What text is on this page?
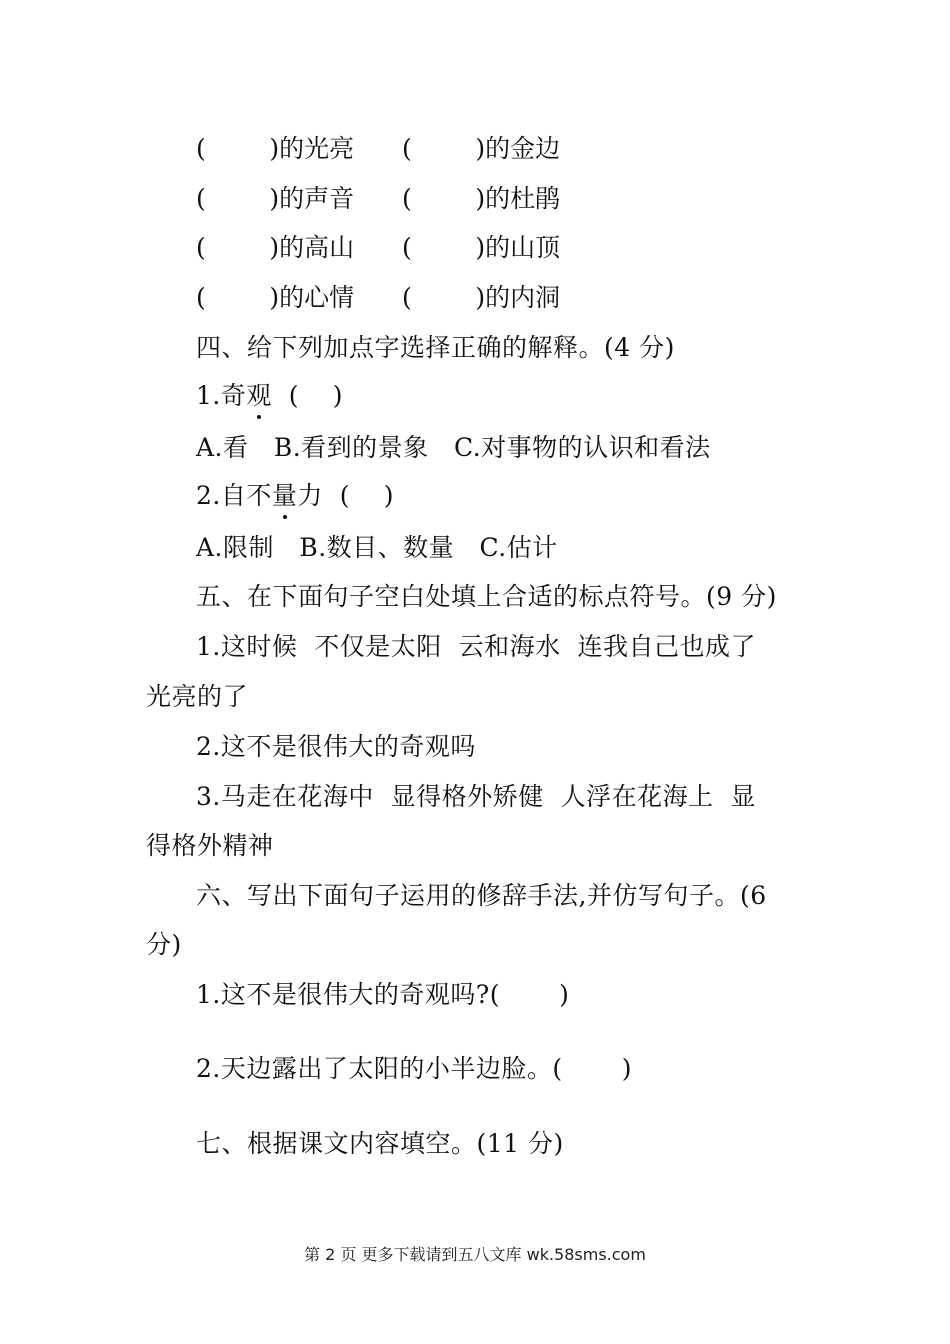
(        )的光亮 (        )的金边
(        )的声音 (        )的杜鹃
(        )的高山 (        )的山顶
(        )的心情 (        )的内洞
四、给下列加点字选择正确的解释。(4 分)
1.奇观  (    )
A.看   B.看到的景象   C.对事物的认识和看法
2.自不量力  (    )
A.限制   B.数目、数量   C.估计
五、在下面句子空白处填上合适的标点符号。(9 分)
1.这时候  不仅是太阳  云和海水  连我自己也成了
光亮的了
2.这不是很伟大的奇观吗
3.马走在花海中  显得格外矫健  人浮在花海上  显
得格外精神
六、写出下面句子运用的修辞手法,并仿写句子。(6
分)
1.这不是很伟大的奇观吗?(       )
2.天边露出了太阳的小半边脸。(       )
七、根据课文内容填空。(11 分)
第 2 页 更多下载请到五八文库 wk.58sms.com
